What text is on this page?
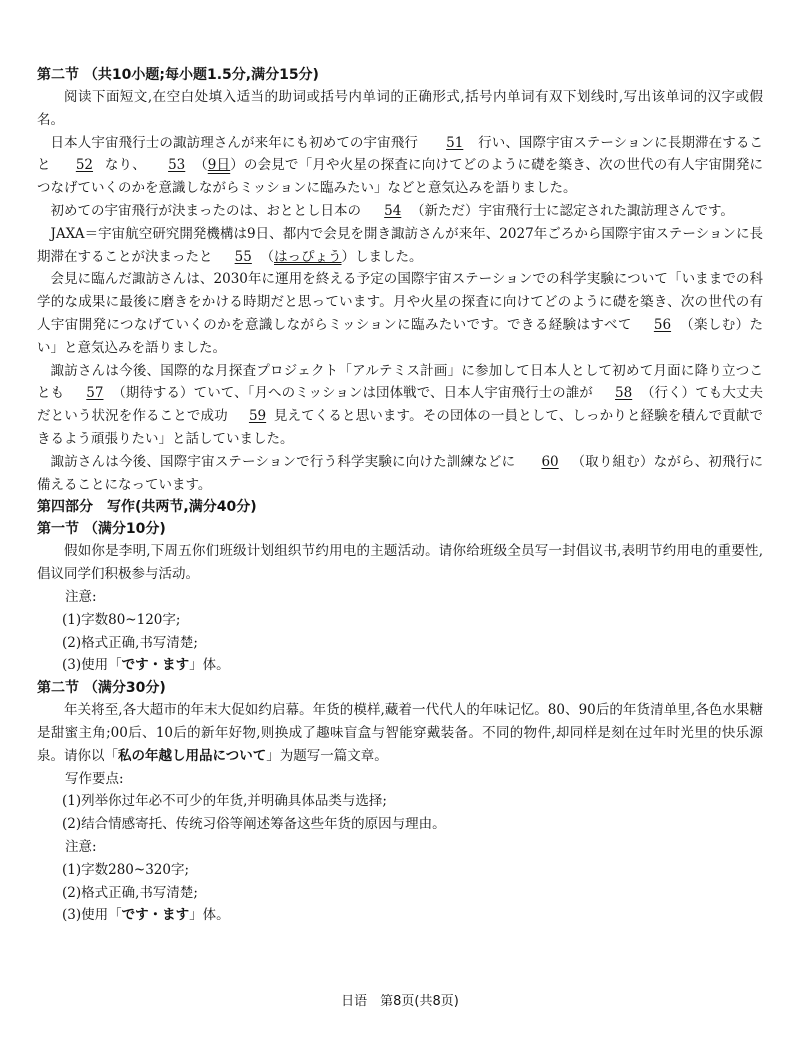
第二节 （共10小题;每小题1.5分,满分15分)

阅读下面短文,在空白处填入适当的助词或括号内单词的正确形式,括号内单词有双下划线时,写出该单词的汉字或假名。

日本人宇宙飛行士の諏訪理さんが来年にも初めての宇宙飛行 51 行い、国際宇宙ステーションに長期滞在すること 52 なり、 53 （9日）の会見で「月や火星の探査に向けてどのように礎を築き、次の世代の有人宇宙開発につなげていくのかを意識しながらミッションに臨みたい」などと意気込みを語りました。

初めての宇宙飛行が決まったのは、おととし日本の 54 （新ただ）宇宙飛行士に認定された諏訪理さんです。

JAXA＝宇宙航空研究開発機構は9日、都内で会見を開き諏訪さんが来年、2027年ごろから国際宇宙ステーションに長期滞在することが決まったと 55 （はっぴょう）しました。

会見に臨んだ諏訪さんは、2030年に運用を終える予定の国際宇宙ステーションでの科学実験について「いままでの科学的な成果に最後に磨きをかける時期だと思っています。月や火星の探査に向けてどのように礎を築き、次の世代の有人宇宙開発につなげていくのかを意識しながらミッションに臨みたいです。できる経験はすべて 56 （楽しむ）たい」と意気込みを語りました。

諏訪さんは今後、国際的な月探査プロジェクト「アルテミス計画」に参加して日本人として初めて月面に降り立つことも 57 （期待する）ていて、「月へのミッションは団体戦で、日本人宇宙飛行士の誰が 58 （行く）ても大丈夫だという状況を作ることで成功 59 見えてくると思います。その団体の一員として、しっかりと経験を積んで貢献できるよう頑張りたい」と話していました。

諏訪さんは今後、国際宇宙ステーションで行う科学実験に向けた訓練などに 60 （取り組む）ながら、初飛行に備えることになっています。

第四部分　写作(共两节,满分40分)

第一节 （满分10分)

假如你是李明,下周五你们班级计划组织节约用电的主题活动。请你给班级全员写一封倡议书,表明节约用电的重要性,倡议同学们积极参与活动。

注意:

(1)字数80~120字;

(2)格式正确,书写清楚;

(3)使用「です・ます」体。

第二节 （满分30分)

年关将至,各大超市的年末大促如约启幕。年货的模样,藏着一代代人的年味记忆。80、90后的年货清单里,各色水果糖是甜蜜主角;00后、10后的新年好物,则换成了趣味盲盒与智能穿戴装备。不同的物件,却同样是刻在过年时光里的快乐源泉。请你以「私の年越し用品について」为题写一篇文章。

写作要点:

(1)列举你过年必不可少的年货,并明确具体品类与选择;

(2)结合情感寄托、传统习俗等阐述筹备这些年货的原因与理由。

注意:

(1)字数280~320字;

(2)格式正确,书写清楚;

(3)使用「です・ます」体。

日语　第8页(共8页)
